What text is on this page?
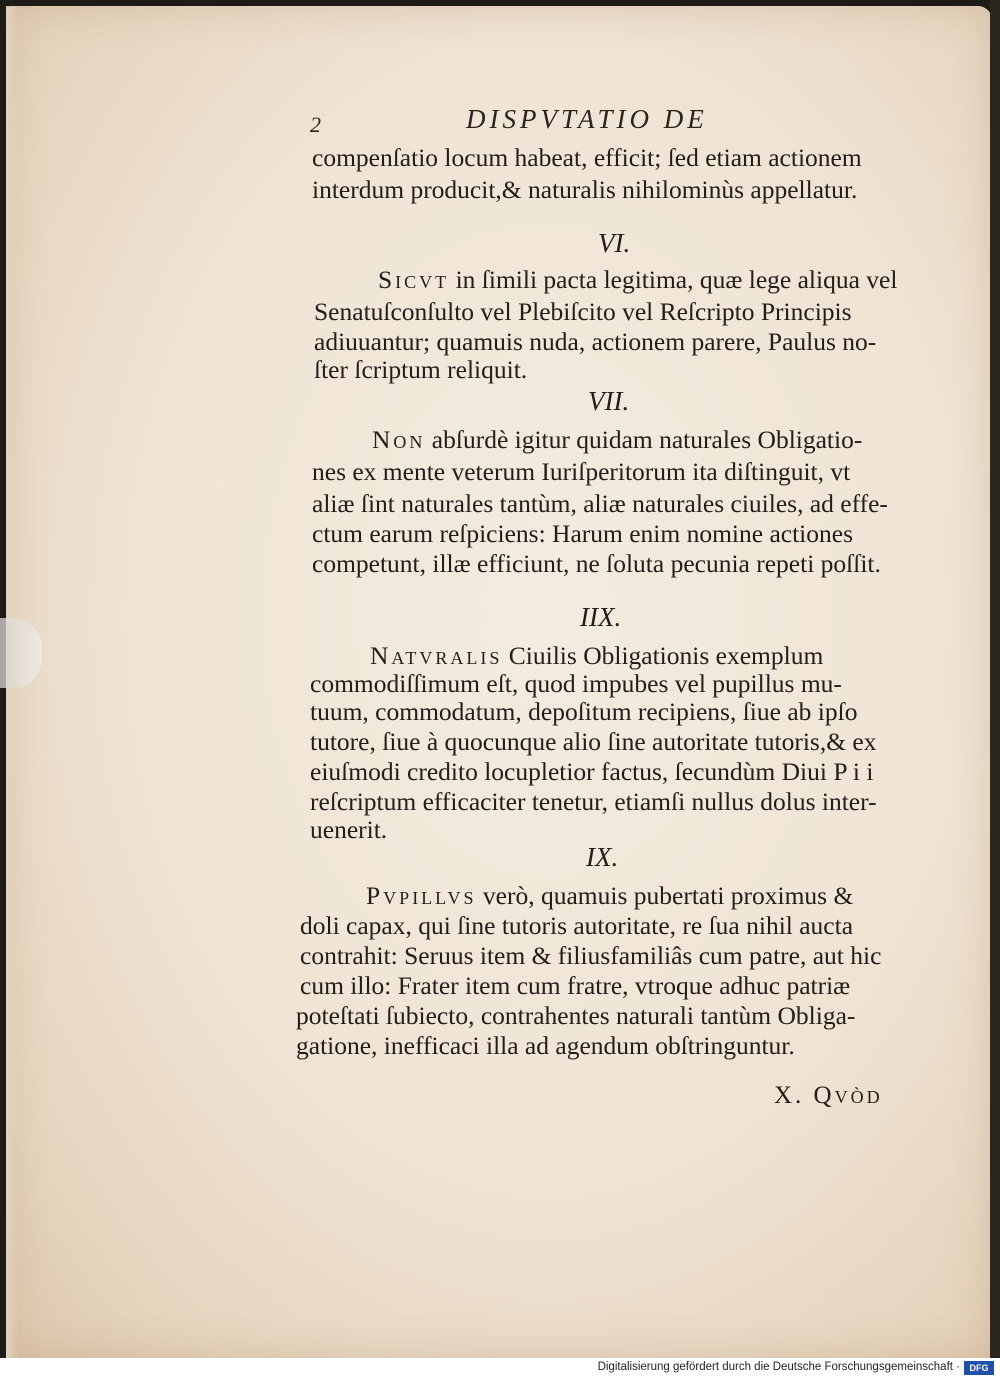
2	DISPVTATIO DE
compenſatio locum habeat, efficit; ſed etiam actionem
interdum producit,& naturalis nihilominùs appellatur.
VI.
Sicvt in ſimili pacta legitima, quæ lege aliqua vel
Senatuſconſulto vel Plebiſcito vel Reſcripto Principis
adiuuantur; quamuis nuda, actionem parere, Paulus no-
ſter ſcriptum reliquit.
VII.
Non abſurdè igitur quidam naturales Obligatio-
nes ex mente veterum Iuriſperitorum ita diſtinguit, vt
aliæ ſint naturales tantùm, aliæ naturales ciuiles, ad effe-
ctum earum reſpiciens: Harum enim nomine actiones
competunt, illæ efficiunt, ne ſoluta pecunia repeti poſſit.
IIX.
Natvralis Ciuilis Obligationis exemplum
commodiſſimum eſt, quod impubes vel pupillus mu-
tuum, commodatum, depoſitum recipiens, ſiue ab ipſo
tutore, ſiue à quocunque alio ſine autoritate tutoris,& ex
eiuſmodi credito locupletior factus, ſecundùm Diui P i i
reſcriptum efficaciter tenetur, etiamſi nullus dolus inter-
uenerit.
IX.
Pvpillvs verò, quamuis pubertati proximus &
doli capax, qui ſine tutoris autoritate, re ſua nihil aucta
contrahit: Seruus item & filiusfamiliâs cum patre, aut hic
cum illo: Frater item cum fratre, vtroque adhuc patriæ
poteſtati ſubiecto, contrahentes naturali tantùm Obliga-
gatione, inefficaci illa ad agendum obſtringuntur.
X. Qvòd
Digitalisierung gefördert durch die Deutsche Forschungsgemeinschaft ·	DFG
